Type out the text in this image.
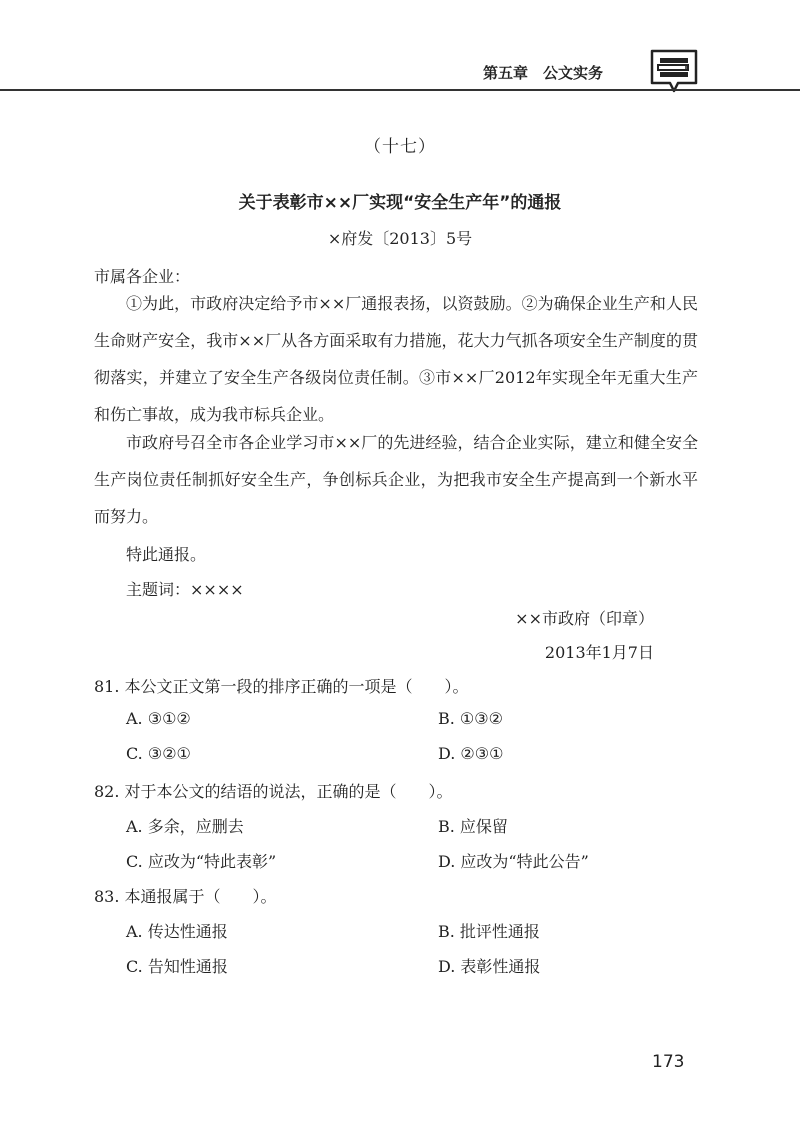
第五章　公文实务
（十七）
关于表彰市××厂实现“安全生产年”的通报
×府发〔2013〕5号
市属各企业：
①为此，市政府决定给予市××厂通报表扬，以资鼓励。②为确保企业生产和人民生命财产安全，我市××厂从各方面采取有力措施，花大力气抓各项安全生产制度的贯彻落实，并建立了安全生产各级岗位责任制。③市××厂2012年实现全年无重大生产和伤亡事故，成为我市标兵企业。
市政府号召全市各企业学习市××厂的先进经验，结合企业实际，建立和健全安全生产岗位责任制抓好安全生产，争创标兵企业，为把我市安全生产提高到一个新水平而努力。
特此通报。
主题词：××××
××市政府（印章）
2013年1月7日
81. 本公文正文第一段的排序正确的一项是（　　）。
A. ③①②	B. ①③②
C. ③②①	D. ②③①
82. 对于本公文的结语的说法，正确的是（　　）。
A. 多余，应删去	B. 应保留
C. 应改为“特此表彰”	D. 应改为“特此公告”
83. 本通报属于（　　）。
A. 传达性通报	B. 批评性通报
C. 告知性通报	D. 表彰性通报
173
